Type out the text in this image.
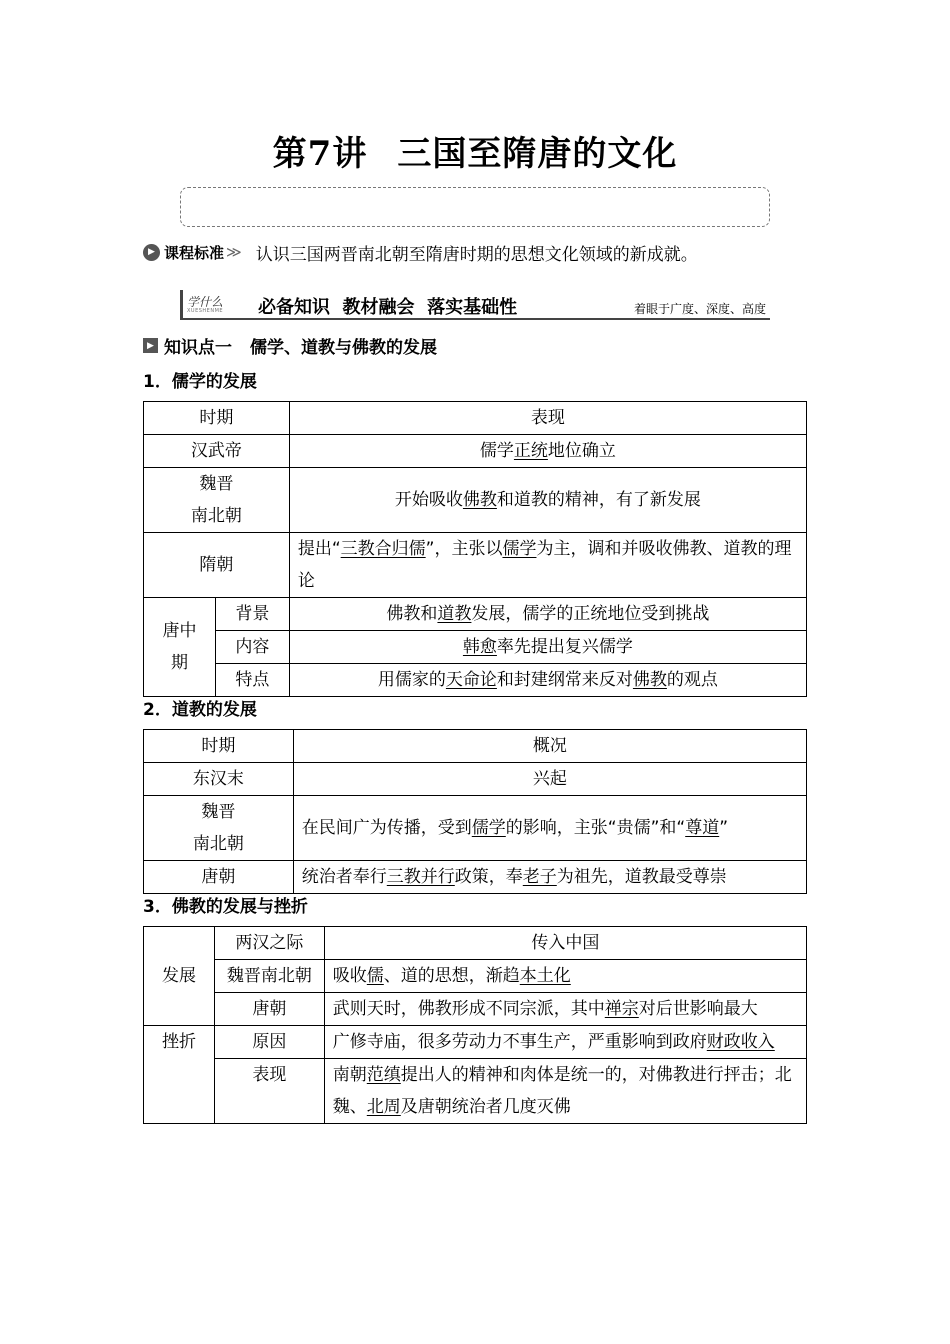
第7讲 三国至隋唐的文化
▶ 课程标准 ≫ 认识三国两晋南北朝至隋唐时期的思想文化领域的新成就。
学什么
XUESHENME 必备知识  教材融会  落实基础性	着眼于广度、深度、高度
▶ 知识点一 儒学、道教与佛教的发展
1．儒学的发展
时期		表现
汉武帝		儒学正统地位确立
魏晋
南北朝		开始吸收佛教和道教的精神，有了新发展
隋朝		提出“三教合归儒”，主张以儒学为主，调和并吸收佛教、道教的理论
唐中
期	背景	佛教和道教发展，儒学的正统地位受到挑战
	内容	韩愈率先提出复兴儒学
	特点	用儒家的天命论和封建纲常来反对佛教的观点
2．道教的发展
时期	概况
东汉末	兴起
魏晋
南北朝	在民间广为传播，受到儒学的影响，主张“贵儒”和“尊道”
唐朝	统治者奉行三教并行政策，奉老子为祖先，道教最受尊崇
3．佛教的发展与挫折
发展	两汉之际	传入中国
	魏晋南北朝	吸收儒、道的思想，渐趋本土化
	唐朝	武则天时，佛教形成不同宗派，其中禅宗对后世影响最大
挫折	原因	广修寺庙，很多劳动力不事生产，严重影响到政府财政收入
	表现	南朝范缜提出人的精神和肉体是统一的，对佛教进行抨击；北魏、北周及唐朝统治者几度灭佛
